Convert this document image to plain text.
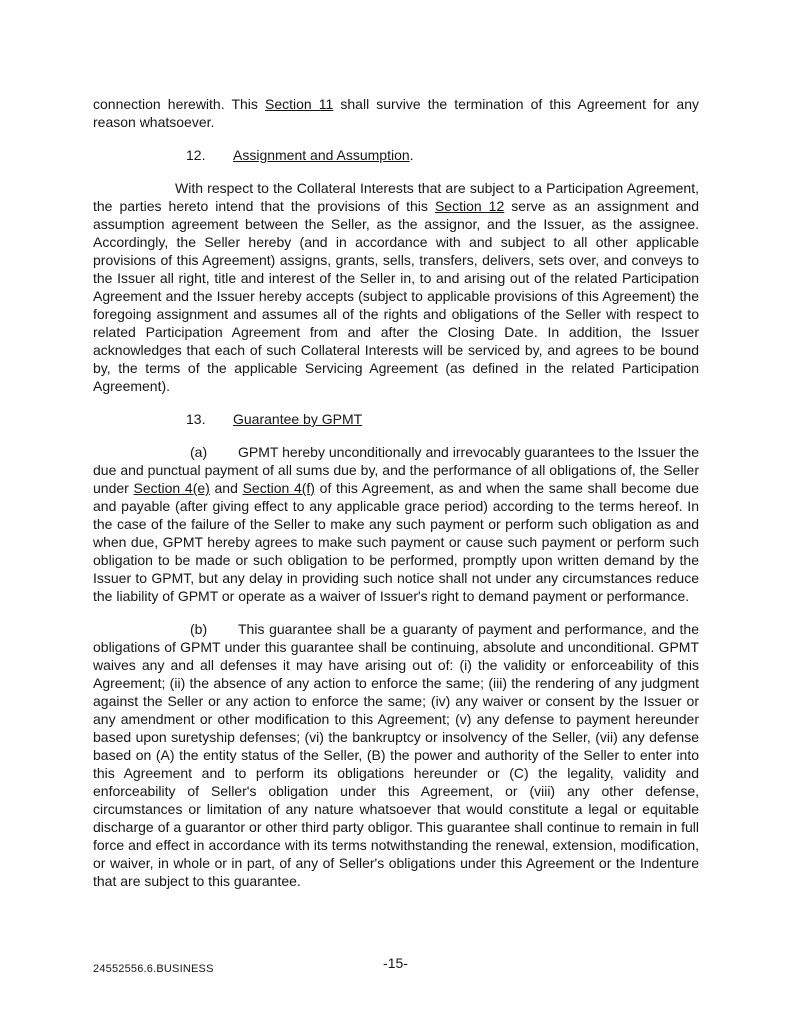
connection herewith. This Section 11 shall survive the termination of this Agreement for any reason whatsoever.
12. Assignment and Assumption.
With respect to the Collateral Interests that are subject to a Participation Agreement, the parties hereto intend that the provisions of this Section 12 serve as an assignment and assumption agreement between the Seller, as the assignor, and the Issuer, as the assignee. Accordingly, the Seller hereby (and in accordance with and subject to all other applicable provisions of this Agreement) assigns, grants, sells, transfers, delivers, sets over, and conveys to the Issuer all right, title and interest of the Seller in, to and arising out of the related Participation Agreement and the Issuer hereby accepts (subject to applicable provisions of this Agreement) the foregoing assignment and assumes all of the rights and obligations of the Seller with respect to related Participation Agreement from and after the Closing Date. In addition, the Issuer acknowledges that each of such Collateral Interests will be serviced by, and agrees to be bound by, the terms of the applicable Servicing Agreement (as defined in the related Participation Agreement).
13. Guarantee by GPMT
(a) GPMT hereby unconditionally and irrevocably guarantees to the Issuer the due and punctual payment of all sums due by, and the performance of all obligations of, the Seller under Section 4(e) and Section 4(f) of this Agreement, as and when the same shall become due and payable (after giving effect to any applicable grace period) according to the terms hereof. In the case of the failure of the Seller to make any such payment or perform such obligation as and when due, GPMT hereby agrees to make such payment or cause such payment or perform such obligation to be made or such obligation to be performed, promptly upon written demand by the Issuer to GPMT, but any delay in providing such notice shall not under any circumstances reduce the liability of GPMT or operate as a waiver of Issuer's right to demand payment or performance.
(b) This guarantee shall be a guaranty of payment and performance, and the obligations of GPMT under this guarantee shall be continuing, absolute and unconditional. GPMT waives any and all defenses it may have arising out of: (i) the validity or enforceability of this Agreement; (ii) the absence of any action to enforce the same; (iii) the rendering of any judgment against the Seller or any action to enforce the same; (iv) any waiver or consent by the Issuer or any amendment or other modification to this Agreement; (v) any defense to payment hereunder based upon suretyship defenses; (vi) the bankruptcy or insolvency of the Seller, (vii) any defense based on (A) the entity status of the Seller, (B) the power and authority of the Seller to enter into this Agreement and to perform its obligations hereunder or (C) the legality, validity and enforceability of Seller's obligation under this Agreement, or (viii) any other defense, circumstances or limitation of any nature whatsoever that would constitute a legal or equitable discharge of a guarantor or other third party obligor. This guarantee shall continue to remain in full force and effect in accordance with its terms notwithstanding the renewal, extension, modification, or waiver, in whole or in part, of any of Seller's obligations under this Agreement or the Indenture that are subject to this guarantee.
24552556.6.BUSINESS	-15-
